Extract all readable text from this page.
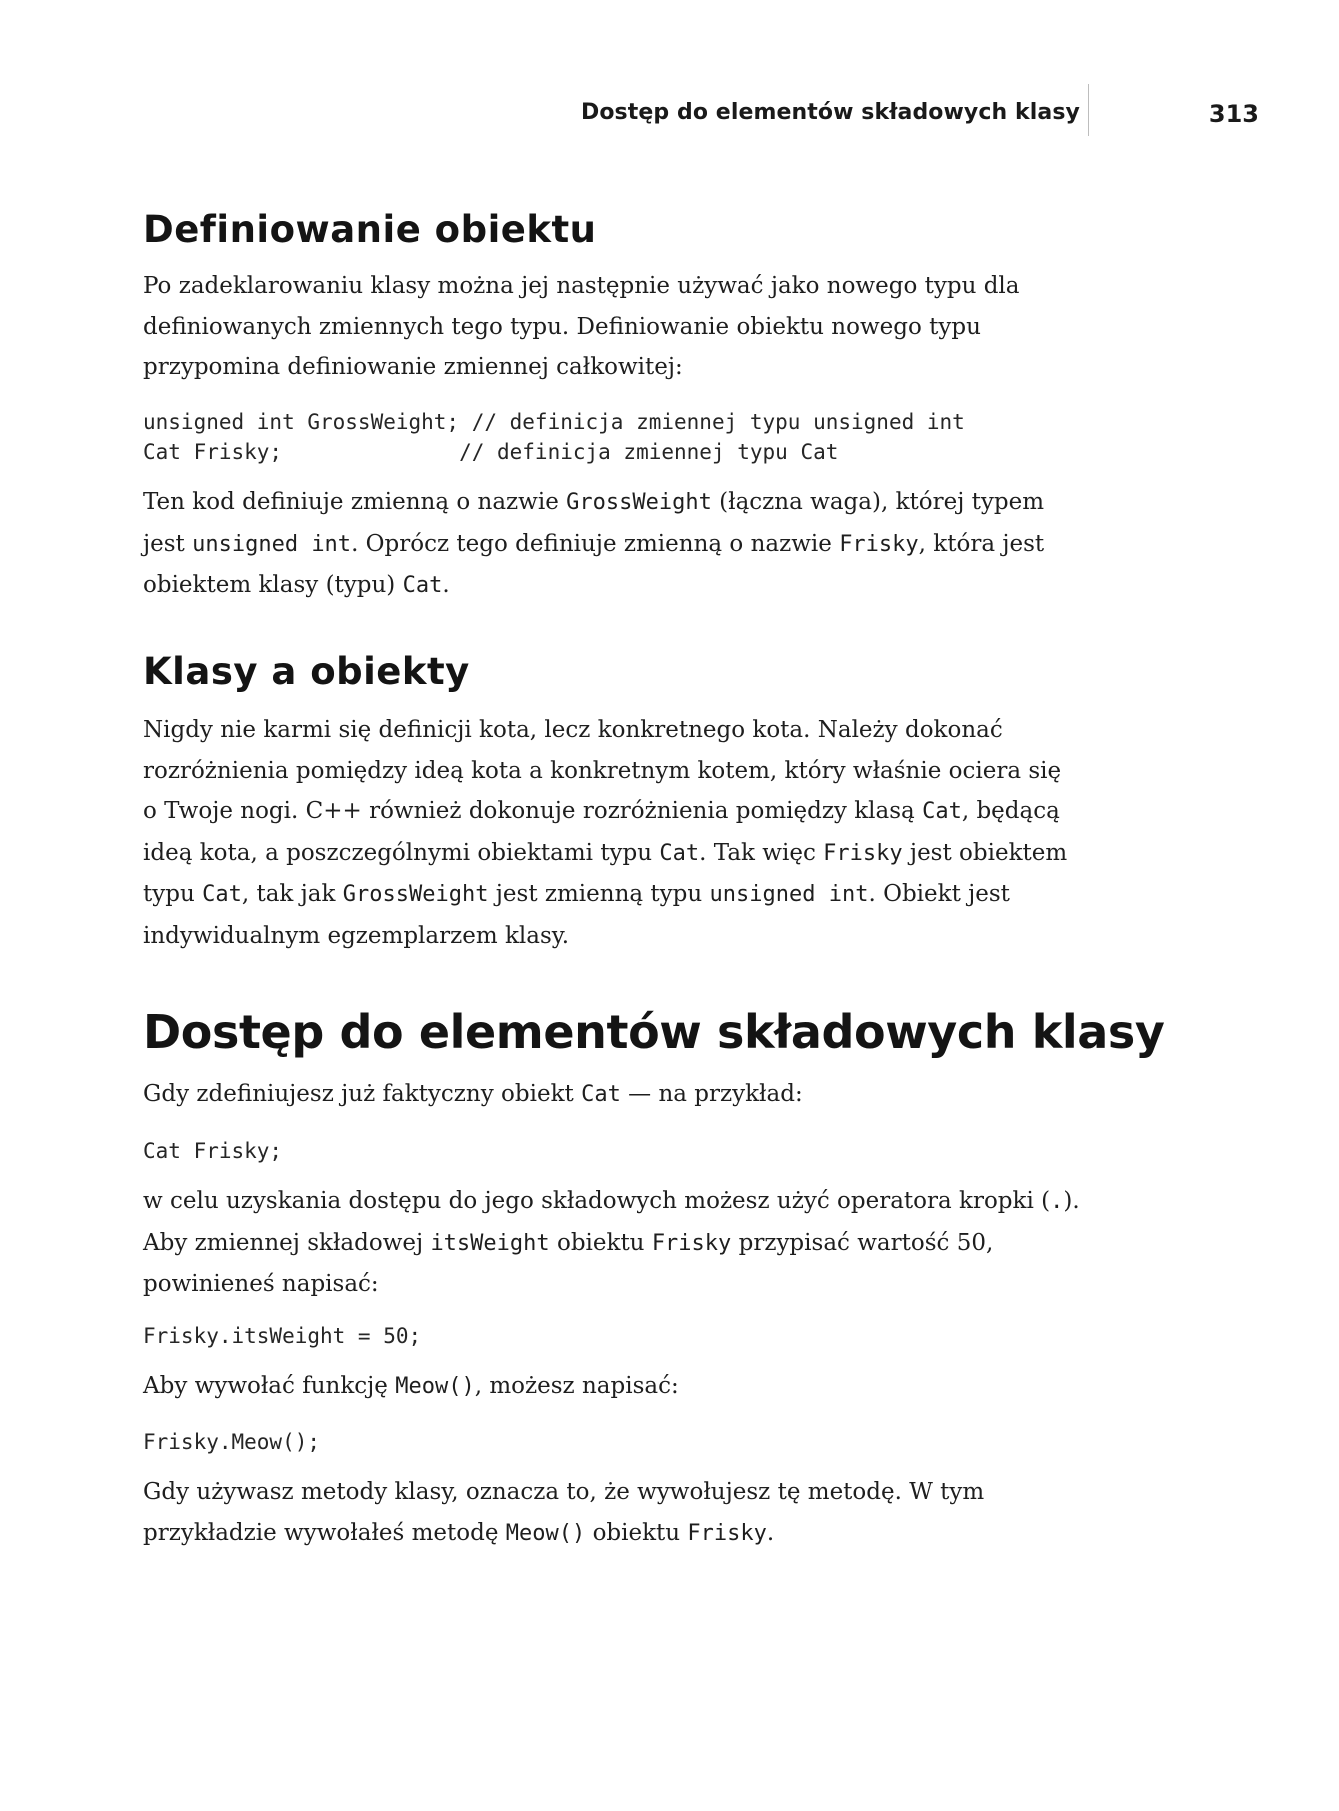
Dostęp do elementów składowych klasy	313
Definiowanie obiektu

Po zadeklarowaniu klasy można jej następnie używać jako nowego typu dla
definiowanych zmiennych tego typu. Definiowanie obiektu nowego typu
przypomina definiowanie zmiennej całkowitej:

unsigned int GrossWeight; // definicja zmiennej typu unsigned int
Cat Frisky;              // definicja zmiennej typu Cat

Ten kod definiuje zmienną o nazwie GrossWeight (łączna waga), której typem
jest unsigned int. Oprócz tego definiuje zmienną o nazwie Frisky, która jest
obiektem klasy (typu) Cat.

Klasy a obiekty

Nigdy nie karmi się definicji kota, lecz konkretnego kota. Należy dokonać
rozróżnienia pomiędzy ideą kota a konkretnym kotem, który właśnie ociera się
o Twoje nogi. C++ również dokonuje rozróżnienia pomiędzy klasą Cat, będącą
ideą kota, a poszczególnymi obiektami typu Cat. Tak więc Frisky jest obiektem
typu Cat, tak jak GrossWeight jest zmienną typu unsigned int. Obiekt jest
indywidualnym egzemplarzem klasy.

Dostęp do elementów składowych klasy

Gdy zdefiniujesz już faktyczny obiekt Cat — na przykład:

Cat Frisky;

w celu uzyskania dostępu do jego składowych możesz użyć operatora kropki (.).
Aby zmiennej składowej itsWeight obiektu Frisky przypisać wartość 50,
powinieneś napisać:

Frisky.itsWeight = 50;

Aby wywołać funkcję Meow(), możesz napisać:

Frisky.Meow();

Gdy używasz metody klasy, oznacza to, że wywołujesz tę metodę. W tym
przykładzie wywołałeś metodę Meow() obiektu Frisky.
